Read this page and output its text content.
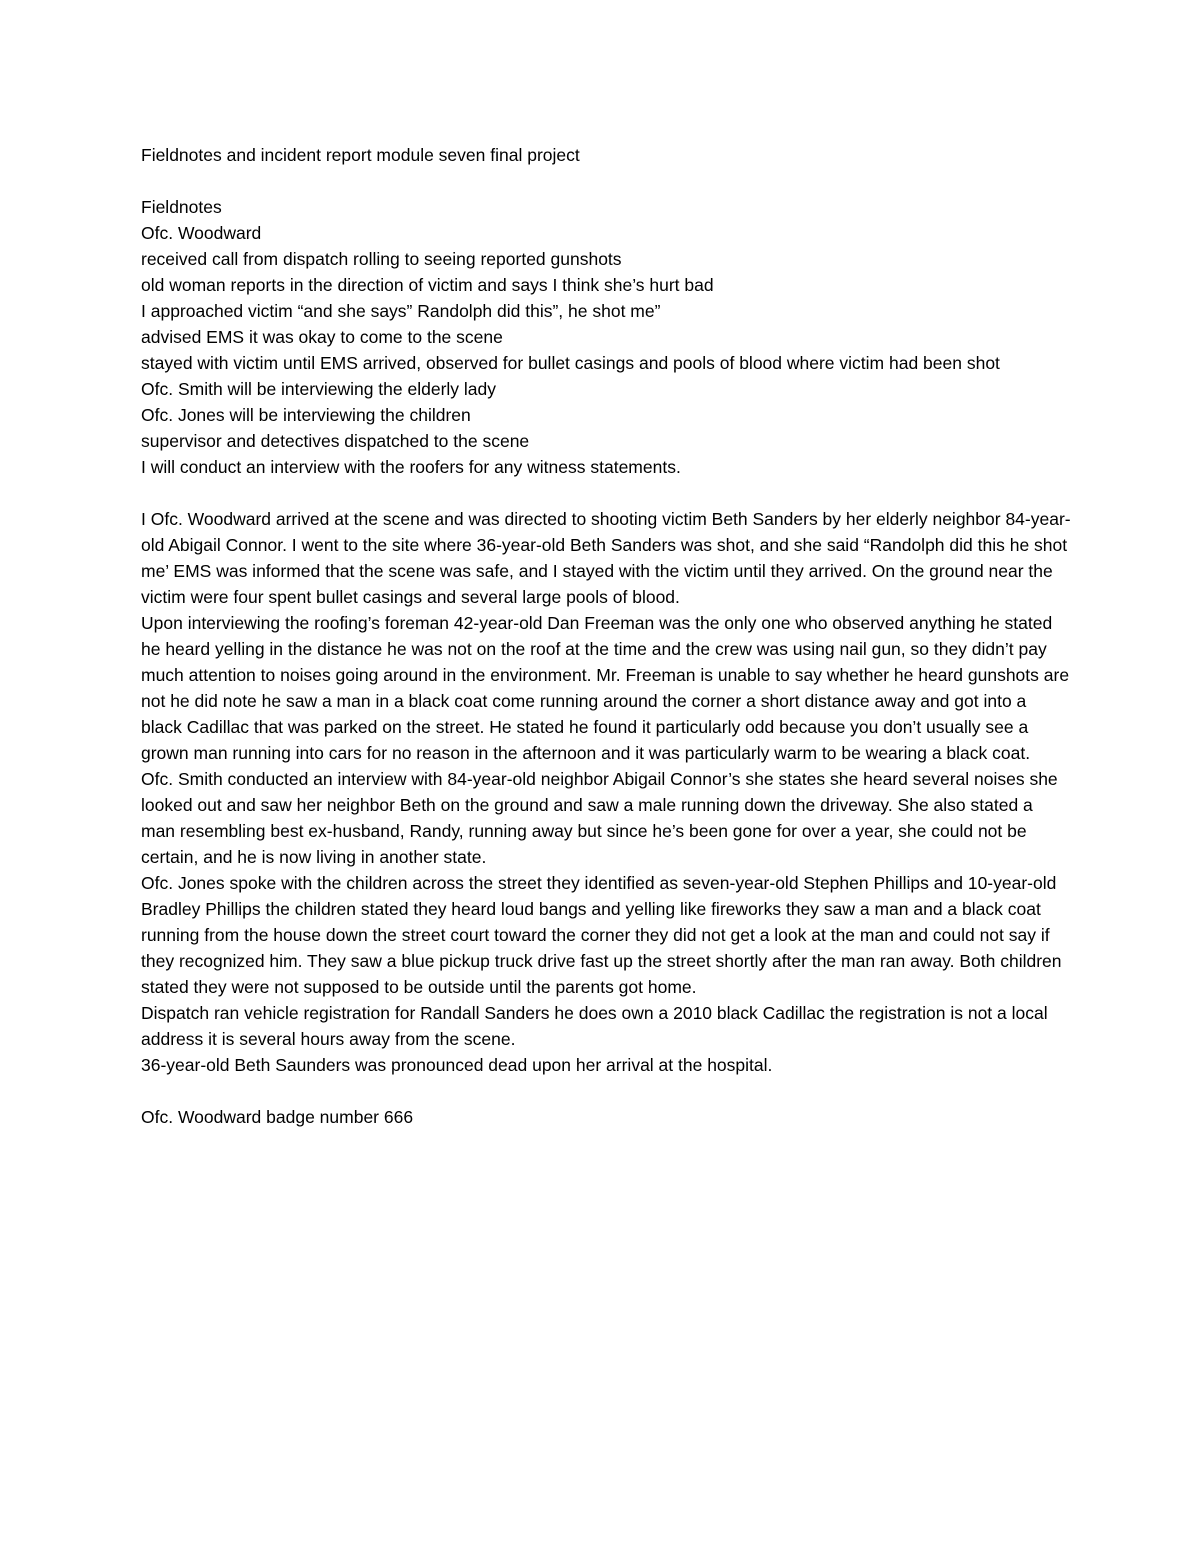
Fieldnotes and incident report module seven final project
Fieldnotes
Ofc. Woodward
received call from dispatch rolling to seeing reported gunshots
old woman reports in the direction of victim and says I think she’s hurt bad
I approached victim “and she says” Randolph did this”, he shot me”
advised EMS it was okay to come to the scene
stayed with victim until EMS arrived, observed for bullet casings and pools of blood where victim had been shot
Ofc. Smith will be interviewing the elderly lady
Ofc. Jones will be interviewing the children
supervisor and detectives dispatched to the scene
I will conduct an interview with the roofers for any witness statements.
I Ofc. Woodward arrived at the scene and was directed to shooting victim Beth Sanders by her elderly neighbor 84-year-old Abigail Connor. I went to the site where 36-year-old Beth Sanders was shot, and she said “Randolph did this he shot me’ EMS was informed that the scene was safe, and I stayed with the victim until they arrived. On the ground near the victim were four spent bullet casings and several large pools of blood.
Upon interviewing the roofing’s foreman 42-year-old Dan Freeman was the only one who observed anything he stated he heard yelling in the distance he was not on the roof at the time and the crew was using nail gun, so they didn’t pay much attention to noises going around in the environment. Mr. Freeman is unable to say whether he heard gunshots are not he did note he saw a man in a black coat come running around the corner a short distance away and got into a black Cadillac that was parked on the street. He stated he found it particularly odd because you don’t usually see a grown man running into cars for no reason in the afternoon and it was particularly warm to be wearing a black coat.
Ofc. Smith conducted an interview with 84-year-old neighbor Abigail Connor’s she states she heard several noises she looked out and saw her neighbor Beth on the ground and saw a male running down the driveway. She also stated a man resembling best ex-husband, Randy, running away but since he’s been gone for over a year, she could not be certain, and he is now living in another state.
Ofc. Jones spoke with the children across the street they identified as seven-year-old Stephen Phillips and 10-year-old Bradley Phillips the children stated they heard loud bangs and yelling like fireworks they saw a man and a black coat running from the house down the street court toward the corner they did not get a look at the man and could not say if they recognized him. They saw a blue pickup truck drive fast up the street shortly after the man ran away. Both children stated they were not supposed to be outside until the parents got home.
Dispatch ran vehicle registration for Randall Sanders he does own a 2010 black Cadillac the registration is not a local address it is several hours away from the scene.
36-year-old Beth Saunders was pronounced dead upon her arrival at the hospital.
Ofc. Woodward badge number 666
